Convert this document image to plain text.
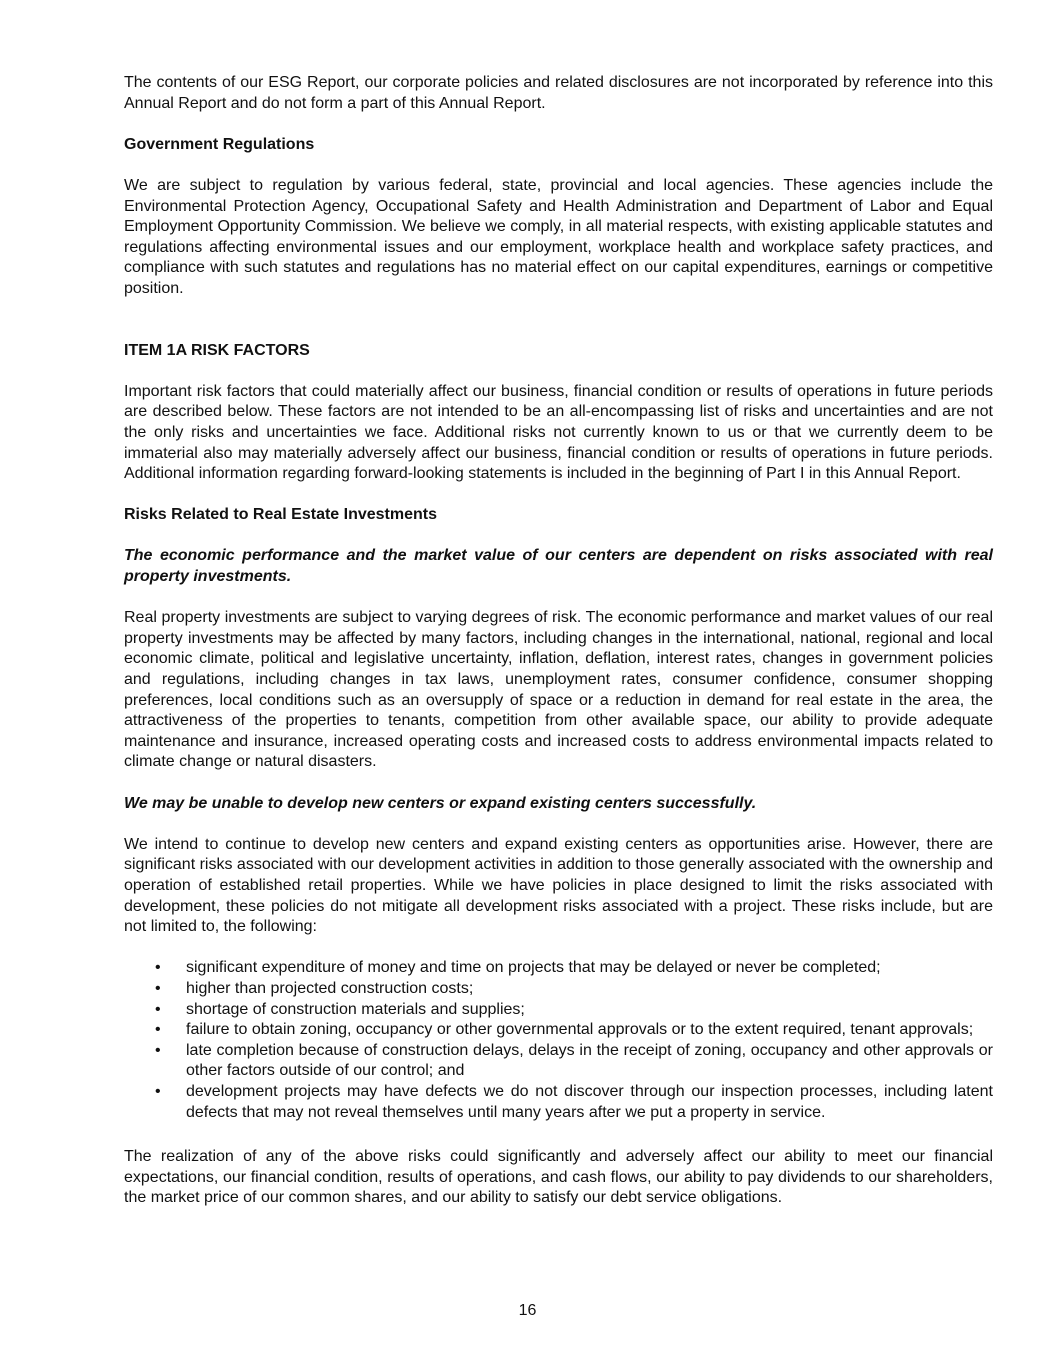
The contents of our ESG Report, our corporate policies and related disclosures are not incorporated by reference into this Annual Report and do not form a part of this Annual Report.

Government Regulations

We are subject to regulation by various federal, state, provincial and local agencies. These agencies include the Environmental Protection Agency, Occupational Safety and Health Administration and Department of Labor and Equal Employment Opportunity Commission. We believe we comply, in all material respects, with existing applicable statutes and regulations affecting environmental issues and our employment, workplace health and workplace safety practices, and compliance with such statutes and regulations has no material effect on our capital expenditures, earnings or competitive position.

ITEM 1A RISK FACTORS

Important risk factors that could materially affect our business, financial condition or results of operations in future periods are described below. These factors are not intended to be an all-encompassing list of risks and uncertainties and are not the only risks and uncertainties we face. Additional risks not currently known to us or that we currently deem to be immaterial also may materially adversely affect our business, financial condition or results of operations in future periods. Additional information regarding forward-looking statements is included in the beginning of Part I in this Annual Report.

Risks Related to Real Estate Investments

The economic performance and the market value of our centers are dependent on risks associated with real property investments.

Real property investments are subject to varying degrees of risk. The economic performance and market values of our real property investments may be affected by many factors, including changes in the international, national, regional and local economic climate, political and legislative uncertainty, inflation, deflation, interest rates, changes in government policies and regulations, including changes in tax laws, unemployment rates, consumer confidence, consumer shopping preferences, local conditions such as an oversupply of space or a reduction in demand for real estate in the area, the attractiveness of the properties to tenants, competition from other available space, our ability to provide adequate maintenance and insurance, increased operating costs and increased costs to address environmental impacts related to climate change or natural disasters.

We may be unable to develop new centers or expand existing centers successfully.

We intend to continue to develop new centers and expand existing centers as opportunities arise. However, there are significant risks associated with our development activities in addition to those generally associated with the ownership and operation of established retail properties. While we have policies in place designed to limit the risks associated with development, these policies do not mitigate all development risks associated with a project. These risks include, but are not limited to, the following:

• significant expenditure of money and time on projects that may be delayed or never be completed;
• higher than projected construction costs;
• shortage of construction materials and supplies;
• failure to obtain zoning, occupancy or other governmental approvals or to the extent required, tenant approvals;
• late completion because of construction delays, delays in the receipt of zoning, occupancy and other approvals or other factors outside of our control; and
• development projects may have defects we do not discover through our inspection processes, including latent defects that may not reveal themselves until many years after we put a property in service.

The realization of any of the above risks could significantly and adversely affect our ability to meet our financial expectations, our financial condition, results of operations, and cash flows, our ability to pay dividends to our shareholders, the market price of our common shares, and our ability to satisfy our debt service obligations.

16
